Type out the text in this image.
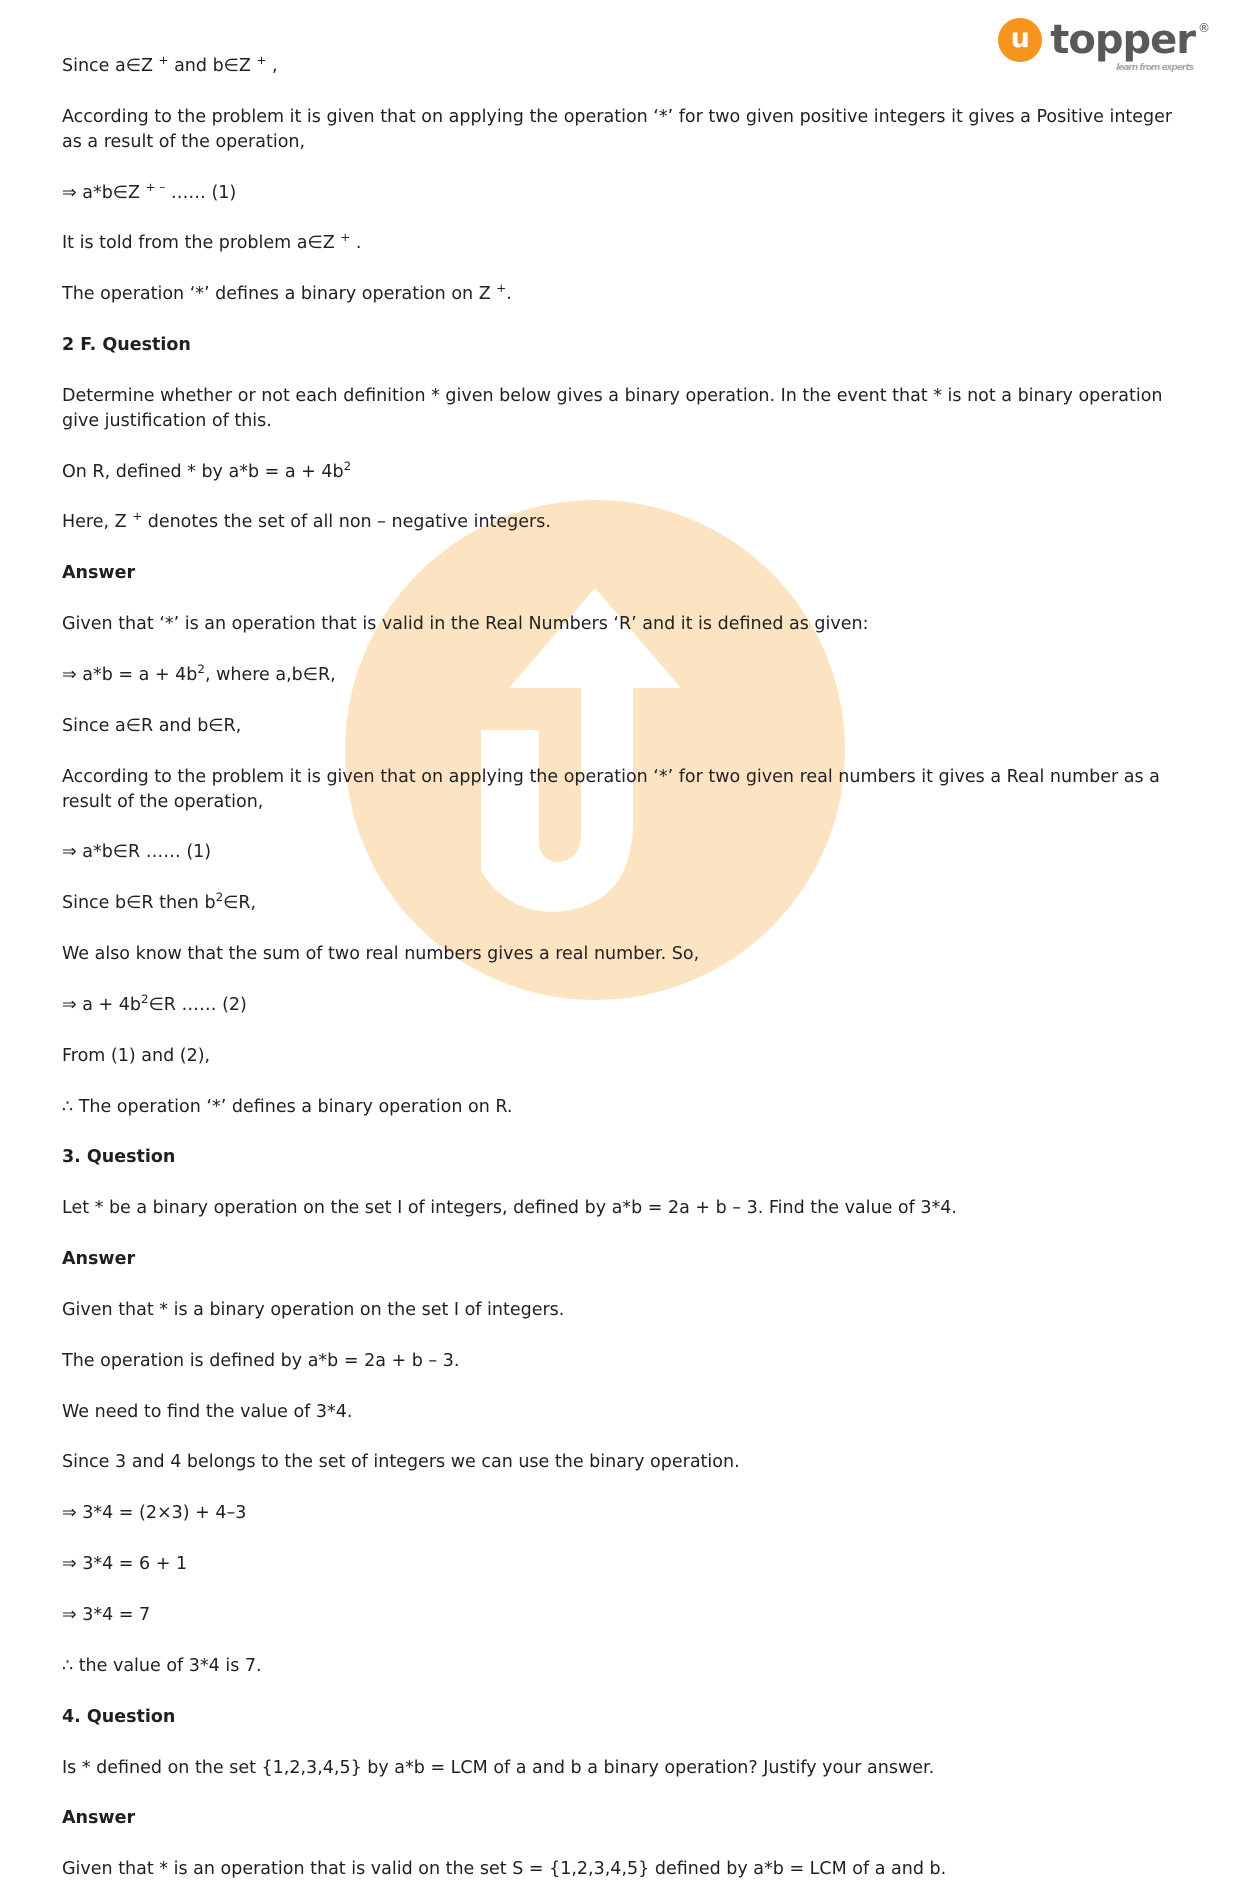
u topper ®
learn from experts

Since a∈Z + and b∈Z + ,

According to the problem it is given that on applying the operation ‘*’ for two given positive integers it gives a Positive integer as a result of the operation,

⇒ a*b∈Z + – …… (1)

It is told from the problem a∈Z + .

The operation ‘*’ defines a binary operation on Z +.

2 F. Question

Determine whether or not each definition * given below gives a binary operation. In the event that * is not a binary operation give justification of this.

On R, defined * by $a*b = a + 4b^2$

Here, Z + denotes the set of all non – negative integers.

Answer

Given that ‘*’ is an operation that is valid in the Real Numbers ‘R’ and it is defined as given:

⇒ $a*b = a + 4b^2$, where a,b∈R,

Since a∈R and b∈R,

According to the problem it is given that on applying the operation ‘*’ for two given real numbers it gives a Real number as a result of the operation,

⇒ a*b∈R …… (1)

Since b∈R then $b^2\in R$,

We also know that the sum of two real numbers gives a real number. So,

⇒ $a + 4b^2\in R$ …… (2)

From (1) and (2),

∴ The operation ‘*’ defines a binary operation on R.

3. Question

Let * be a binary operation on the set I of integers, defined by a*b = 2a + b – 3. Find the value of 3*4.

Answer

Given that * is a binary operation on the set I of integers.

The operation is defined by a*b = 2a + b – 3.

We need to find the value of 3*4.

Since 3 and 4 belongs to the set of integers we can use the binary operation.

⇒ 3*4 = (2×3) + 4–3

⇒ 3*4 = 6 + 1

⇒ 3*4 = 7

∴ the value of 3*4 is 7.

4. Question

Is * defined on the set {1,2,3,4,5} by a*b = LCM of a and b a binary operation? Justify your answer.

Answer

Given that * is an operation that is valid on the set S = {1,2,3,4,5} defined by a*b = LCM of a and b.
